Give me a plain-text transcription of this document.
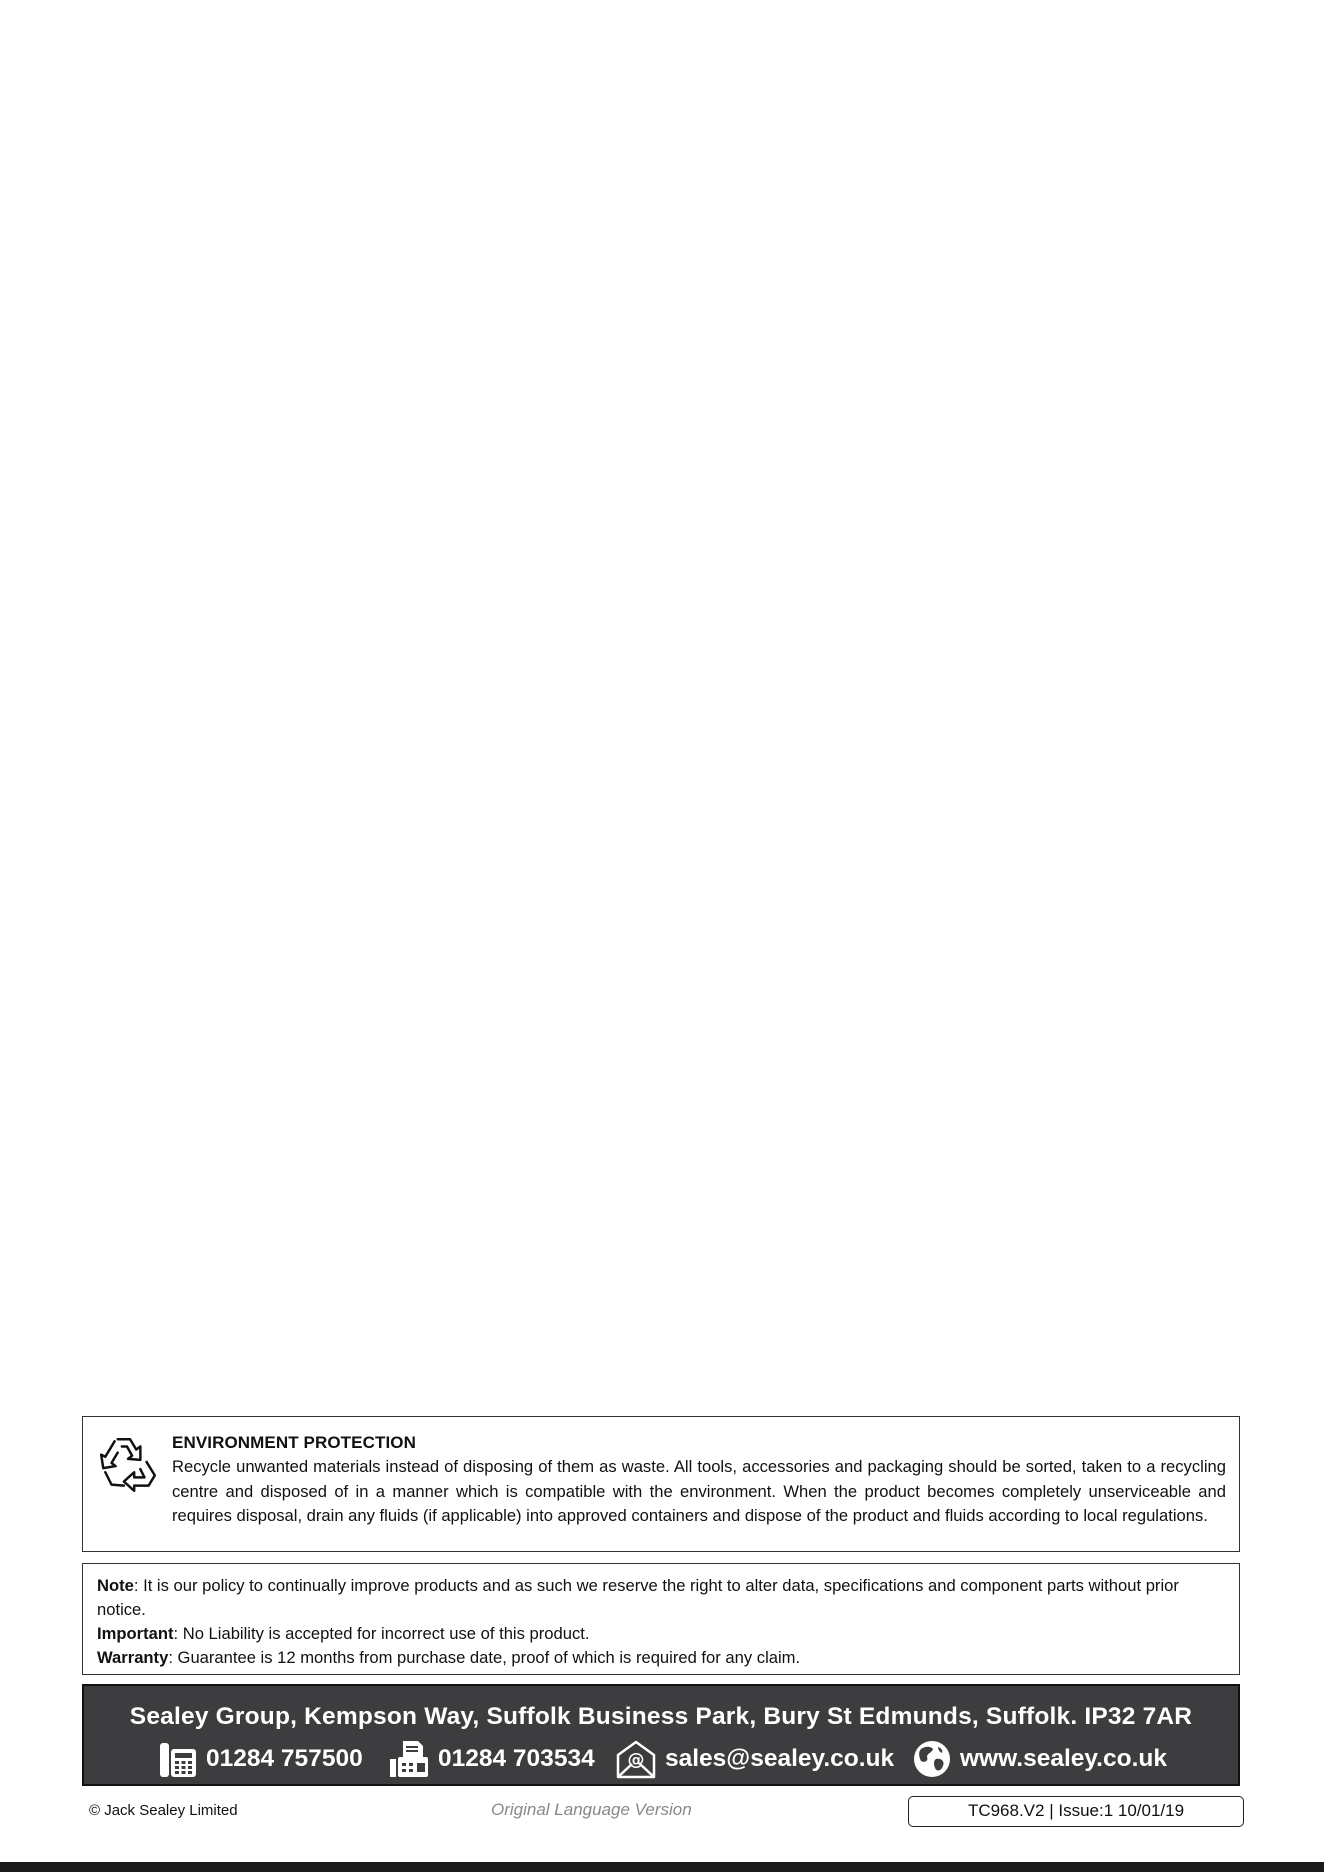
ENVIRONMENT PROTECTION
Recycle unwanted materials instead of disposing of them as waste. All tools, accessories and packaging should be sorted, taken to a recycling centre and disposed of in a manner which is compatible with the environment. When the product becomes completely unserviceable and requires disposal, drain any fluids (if applicable) into approved containers and dispose of the product and fluids according to local regulations.

Note: It is our policy to continually improve products and as such we reserve the right to alter data, specifications and component parts without prior notice.

Important: No Liability is accepted for incorrect use of this product.

Warranty: Guarantee is 12 months from purchase date, proof of which is required for any claim.

Sealey Group, Kempson Way, Suffolk Business Park, Bury St Edmunds, Suffolk. IP32 7AR
01284 757500	01284 703534 @ sales@sealey.co.uk	www.sealey.co.uk
© Jack Sealey Limited	Original Language Version	TC968.V2 | Issue:1 10/01/19
